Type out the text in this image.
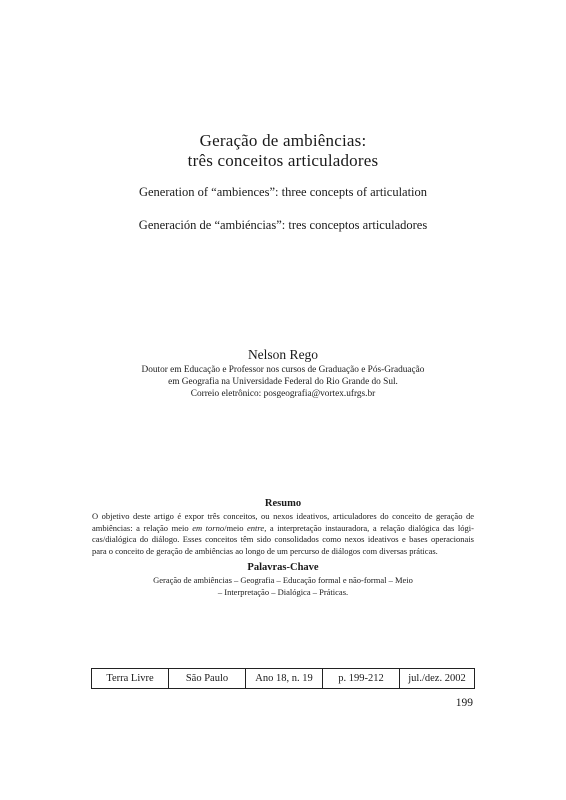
Geração de ambiências:
três conceitos articuladores
Generation of “ambiences”: three concepts of articulation
Generación de “ambiéncias”: tres conceptos articuladores
Nelson Rego
Doutor em Educação e Professor nos cursos de Graduação e Pós-Graduação
em Geografia na Universidade Federal do Rio Grande do Sul.
Correio eletrônico: posgeografia@vortex.ufrgs.br
Resumo
O objetivo deste artigo é expor três conceitos, ou nexos ideativos, articuladores do conceito de geração de
ambiências: a relação meio em torno/meio entre, a interpretação instauradora, a relação dialógica das lógi-
cas/dialógica do diálogo. Esses conceitos têm sido consolidados como nexos ideativos e bases operacionais
para o conceito de geração de ambiências ao longo de um percurso de diálogos com diversas práticas.
Palavras-Chave
Geração de ambiências – Geografia – Educação formal e não-formal – Meio
– Interpretação – Dialógica – Práticas.
Terra Livre	São Paulo	Ano 18, n. 19	p. 199-212	jul./dez. 2002
199
